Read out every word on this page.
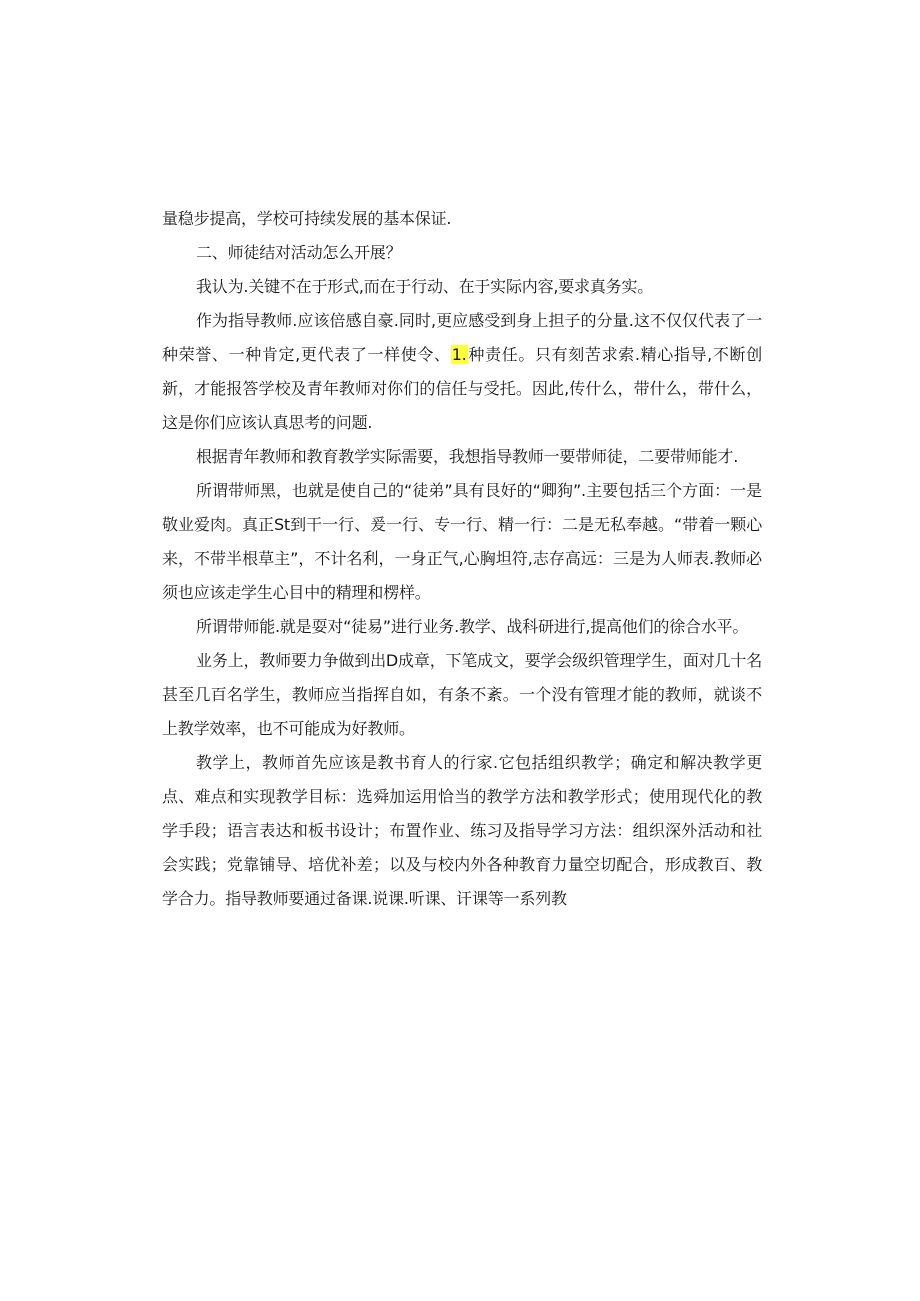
量稳步提高，学校可持续发展的基本保证.

二、师徒结对活动怎么开展？

我认为.关键不在于形式,而在于行动、在于实际内容,要求真务实。

作为指导教师.应该倍感自豪.同时,更应感受到身上担子的分量.这不仅仅代表了一种荣誉、一种肯定,更代表了一样使令、1.种责任。只有刻苦求索.精心指导,不断创新，才能报答学校及青年教师对你们的信任与受托。因此,传什么，带什么，带什么，这是你们应该认真思考的问题.

根据青年教师和教育教学实际需要，我想指导教师一要带师徒，二要带师能才.

所谓带师黑，也就是使自己的“徒弟”具有艮好的“卿狗”.主要包括三个方面：一是敬业爱肉。真正St到干一行、爰一行、专一行、精一行：二是无私奉越。“带着一颗心来，不带半根草主”，不计名利，一身正气,心胸坦符,志存高远：三是为人师表.教师必须也应该走学生心目中的精理和楞样。

所谓带师能.就是耍对“徒易”进行业务.教学、战科研进行,提高他们的徐合水平。

业务上，教师要力争做到出D成章，下笔成文，要学会级织管理学生，面对几十名甚至几百名学生，教师应当指挥自如，有条不紊。一个没有管理才能的教师，就谈不上教学效率，也不可能成为好教师。

教学上，教师首先应该是教书育人的行家.它包括组织教学；确定和解决教学更点、难点和实现教学目标：选舜加运用恰当的教学方法和教学形式；使用现代化的教学手段；语言表达和板书设计；布置作业、练习及指导学习方法：组织深外活动和社会实践；党靠铺导、培优补差；以及与校内外各种教育力量空切配合，形成教百、教学合力。指导教师要通过备课.说课.听课、讦课等一系列教
